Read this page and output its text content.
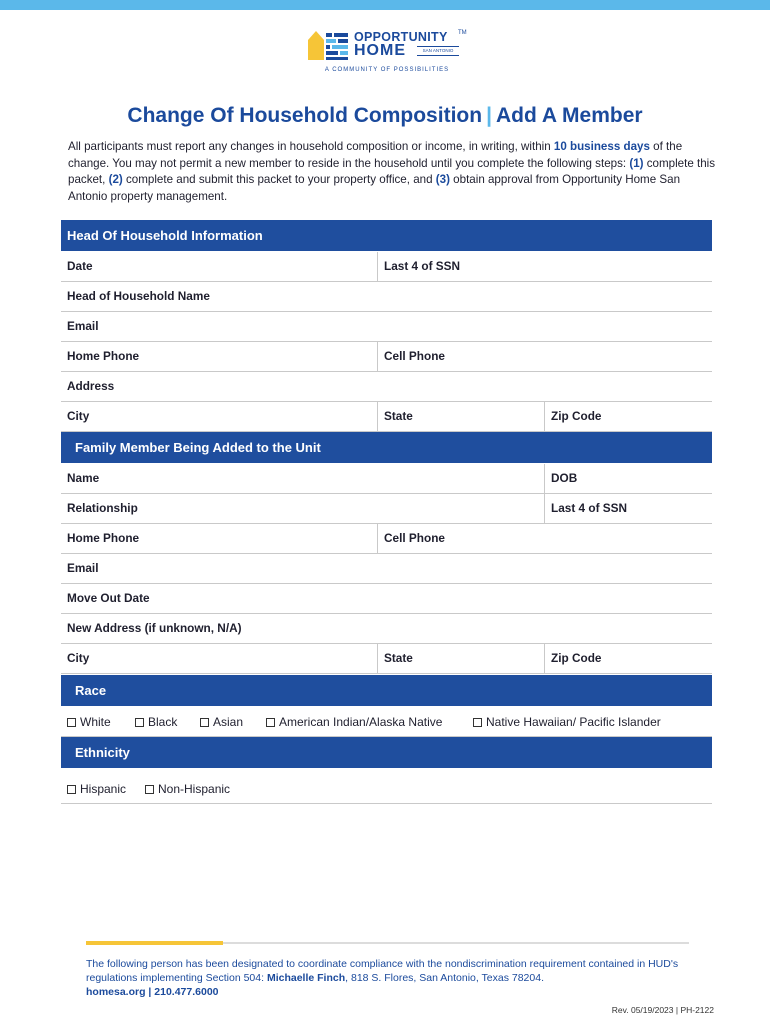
OPPORTUNITY TM
HOME	SAN ANTONIO
A COMMUNITY OF POSSIBILITIES
Change Of Household Composition | Add A Member
All participants must report any changes in household composition or income, in writing, within 10 business days of the change. You may not permit a new member to reside in the household until you complete the following steps: (1) complete this packet, (2) complete and submit this packet to your property office, and (3) obtain approval from Opportunity Home San Antonio property management.
Head Of Household Information
Date	Last 4 of SSN
Head of Household Name
Email
Home Phone	Cell Phone
Address
City	State	Zip Code
Family Member Being Added to the Unit
Name	DOB
Relationship	Last 4 of SSN
Home Phone	Cell Phone
Email
Move Out Date
New Address (if unknown, N/A)
City	State	Zip Code
Race
White	Black	Asian	American Indian/Alaska Native	Native Hawaiian/ Pacific Islander
Ethnicity
Hispanic	Non-Hispanic
The following person has been designated to coordinate compliance with the nondiscrimination requirement contained in HUD's regulations implementing Section 504: Michaelle Finch, 818 S. Flores, San Antonio, Texas 78204.
homesa.org | 210.477.6000
Rev. 05/19/2023 | PH-2122
